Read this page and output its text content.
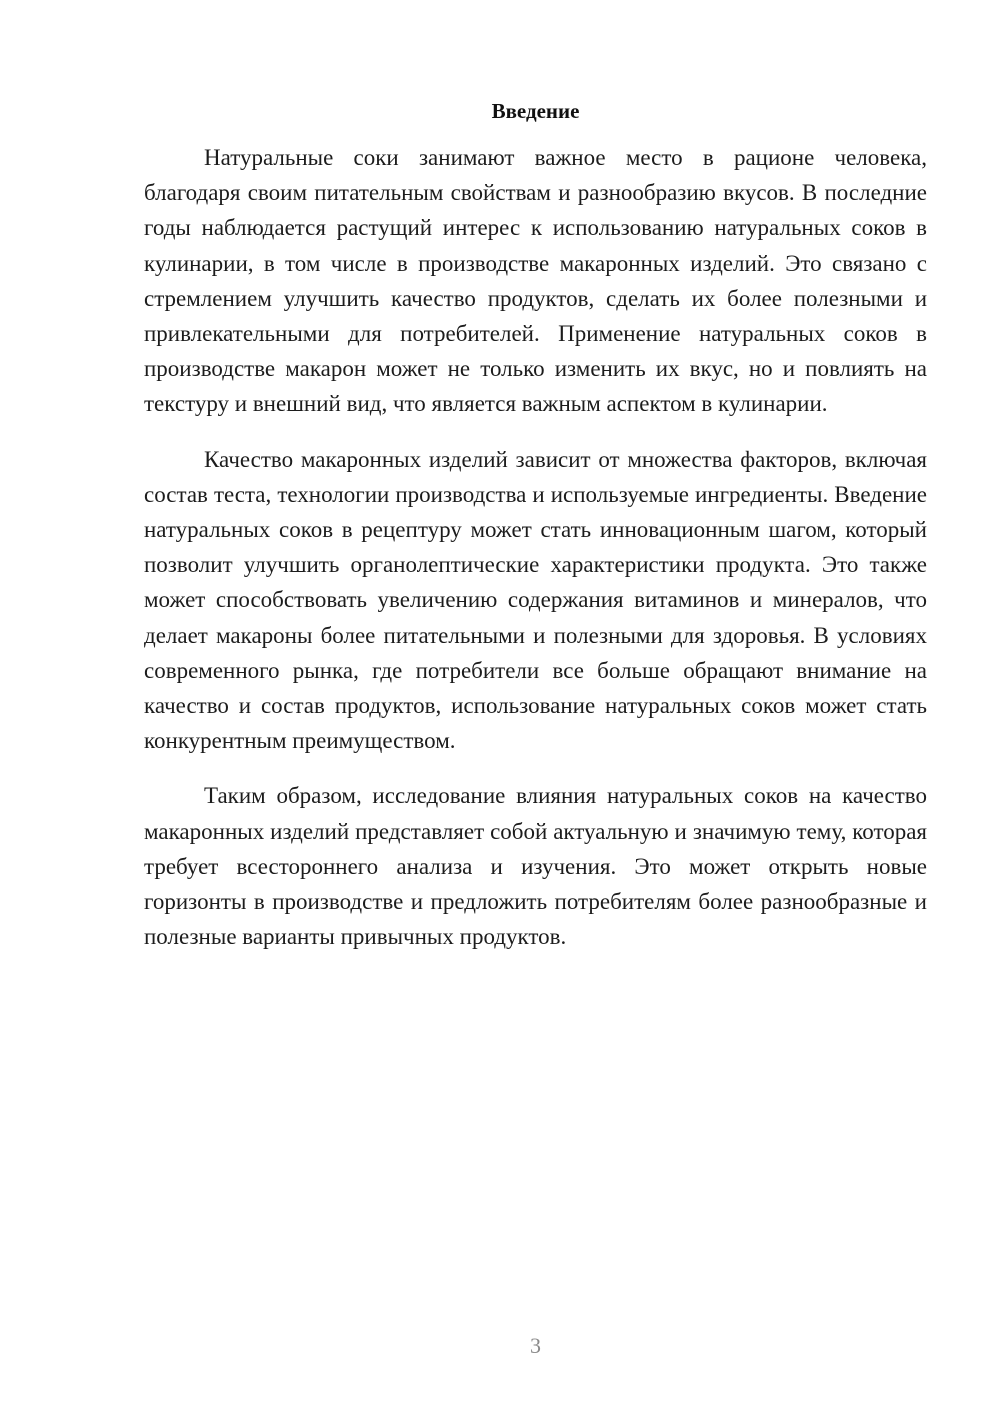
Введение

Натуральные соки занимают важное место в рационе человека, благодаря своим питательным свойствам и разнообразию вкусов. В последние годы наблюдается растущий интерес к использованию натуральных соков в кулинарии, в том числе в производстве макаронных изделий. Это связано с стремлением улучшить качество продуктов, сделать их более полезными и привлекательными для потребителей. Применение натуральных соков в производстве макарон может не только изменить их вкус, но и повлиять на текстуру и внешний вид, что является важным аспектом в кулинарии.

Качество макаронных изделий зависит от множества факторов, включая состав теста, технологии производства и используемые ингредиенты. Введение натуральных соков в рецептуру может стать инновационным шагом, который позволит улучшить органолептические характеристики продукта. Это также может способствовать увеличению содержания витаминов и минералов, что делает макароны более питательными и полезными для здоровья. В условиях современного рынка, где потребители все больше обращают внимание на качество и состав продуктов, использование натуральных соков может стать конкурентным преимуществом.

Таким образом, исследование влияния натуральных соков на качество макаронных изделий представляет собой актуальную и значимую тему, которая требует всестороннего анализа и изучения. Это может открыть новые горизонты в производстве и предложить потребителям более разнообразные и полезные варианты привычных продуктов.

3
